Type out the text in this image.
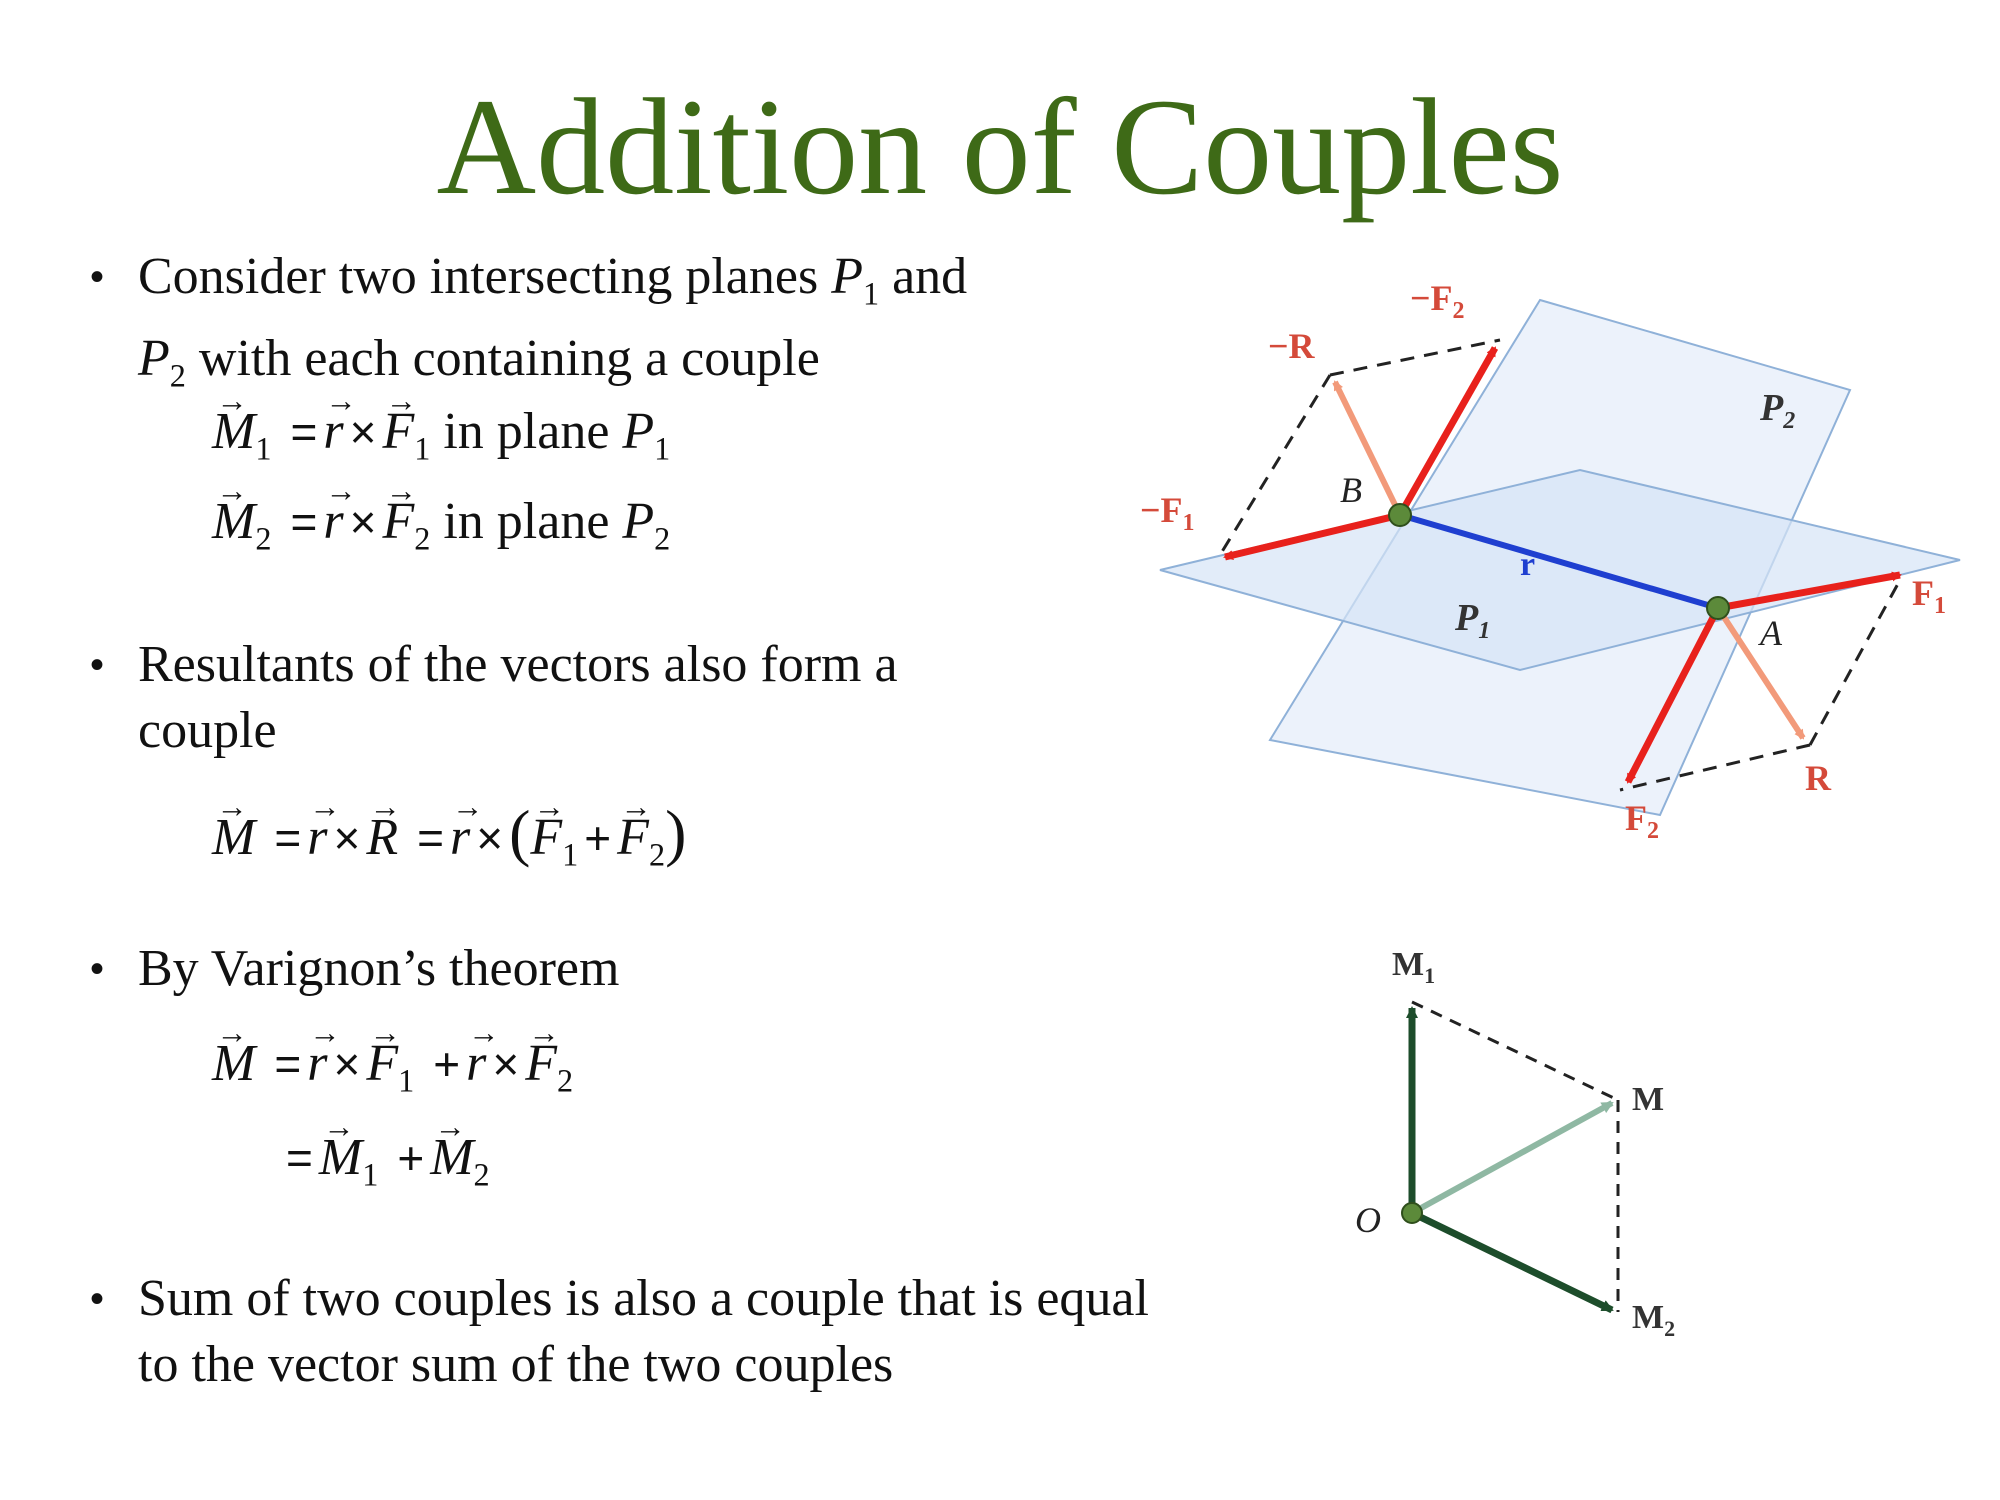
Addition of Couples
• Consider two intersecting planes $P_1$ and
$P_2$ with each containing a couple
→ $M_1 =\to r \times\to F_1$ in plane $P_1$
→ $M_2 =\to r \times\to F_2$ in plane $P_2$
• Resultants of the vectors also form a
couple
→ M =→ r ×→ R =→ r ×(→ $F_1 +\to F_2$)
• By Varignon’s theorem
→ $M =\to r \times\to F_1 +\to r \times\to F_2$
=→ $M_1 +\to M_2$
• Sum of two couples is also a couple that is equal
to the vector sum of the two couples
$-F_2$
−R
$P_2$
B
$-F_1$
r
$P_1$	A
$F_1$
R
$F_2$
$M_1$
M
O
$M_2$
